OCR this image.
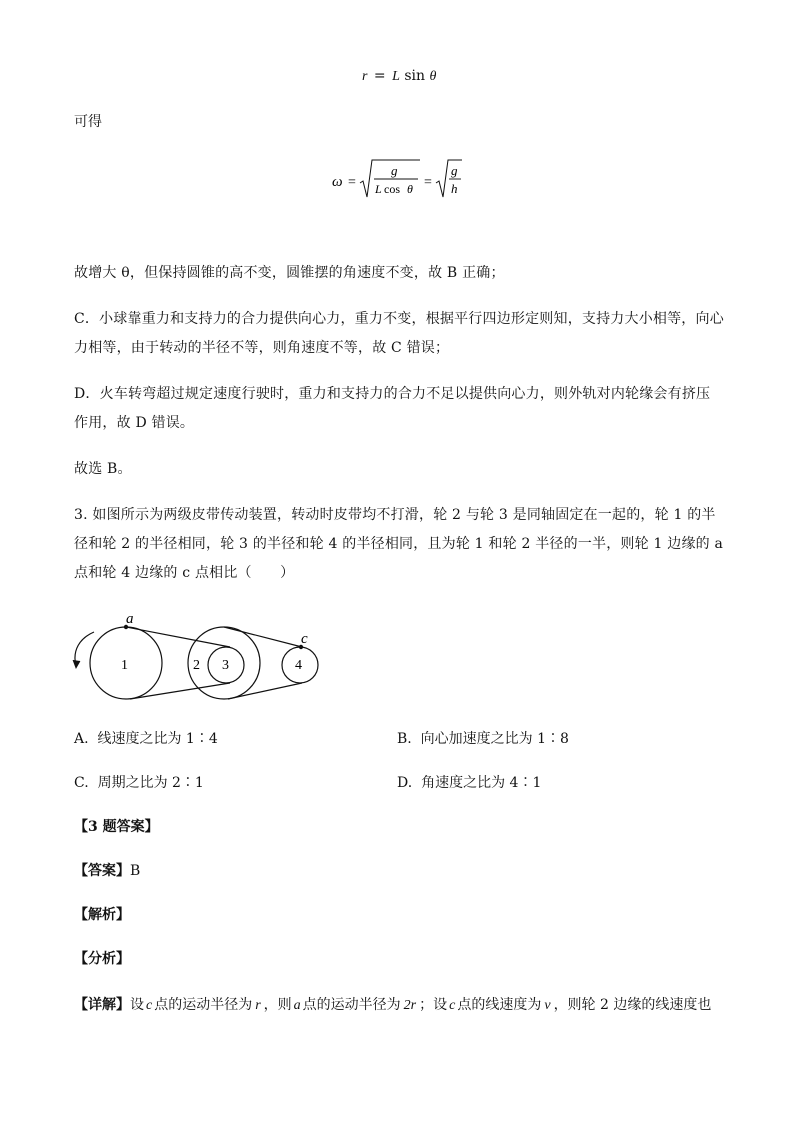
r = L sin θ
可得
ω =
g
L cos θ =
g
h
故增大 θ，但保持圆锥的高不变，圆锥摆的角速度不变，故 B 正确；
C．小球靠重力和支持力的合力提供向心力，重力不变，根据平行四边形定则知，支持力大小相等，向心力相等，由于转动的半径不等，则角速度不等，故 C 错误；
D．火车转弯超过规定速度行驶时，重力和支持力的合力不足以提供向心力，则外轨对内轮缘会有挤压作用，故 D 错误。
故选 B。
3. 如图所示为两级皮带传动装置，转动时皮带均不打滑，轮 2 与轮 3 是同轴固定在一起的，轮 1 的半径和轮 2 的半径相同，轮 3 的半径和轮 4 的半径相同，且为轮 1 和轮 2 半径的一半，则轮 1 边缘的 a 点和轮 4 边缘的 c 点相比（　　）
a
c
1	2 3	4
A. 线速度之比为 1∶4	B. 向心加速度之比为 1∶8
C. 周期之比为 2∶1	D. 角速度之比为 4∶1
【3 题答案】
【答案】B
【解析】
【分析】
【详解】设 c 点的运动半径为 r ，则 a 点的运动半径为 2r ；设 c 点的线速度为 v ，则轮 2 边缘的线速度也
